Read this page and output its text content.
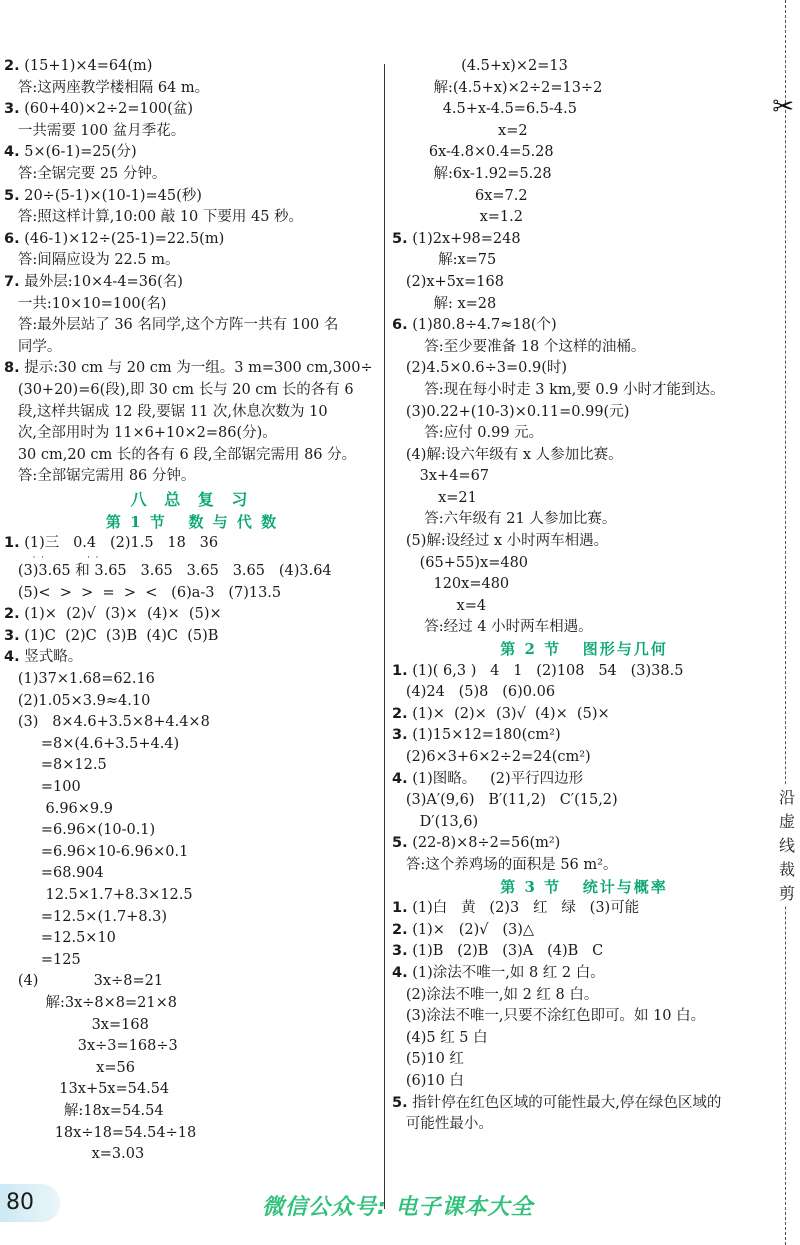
2. (15+1)×4=64(m)
答:这两座教学楼相隔 64 m。
3. (60+40)×2÷2=100(盆)
一共需要 100 盆月季花。
4. 5×(6-1)=25(分)
答:全锯完要 25 分钟。
5. 20÷(5-1)×(10-1)=45(秒)
答:照这样计算,10:00 敲 10 下要用 45 秒。
6. (46-1)×12÷(25-1)=22.5(m)
答:间隔应设为 22.5 m。
7. 最外层:10×4-4=36(名)
一共:10×10=100(名)
答:最外层站了 36 名同学,这个方阵一共有 100 名
同学。
8. 提示:30 cm 与 20 cm 为一组。3 m=300 cm,300÷
(30+20)=6(段),即 30 cm 长与 20 cm 长的各有 6
段,这样共锯成 12 段,要锯 11 次,休息次数为 10
次,全部用时为 11×6+10×2=86(分)。
30 cm,20 cm 长的各有 6 段,全部锯完需用 86 分。
答:全部锯完需用 86 分钟。
八 总 复 习
第 1 节   数 与 代 数
1. (1)三   0.4   (2)1.5   18   36
·  ·               ·  ·
(3)3.65 和 3.65   3.65   3.65   3.65   (4)3.64
(5)<  >  >  =  >  <   (6)a-3   (7)13.5
2. (1)×  (2)√  (3)×  (4)×  (5)×
3. (1)C  (2)C  (3)B  (4)C  (5)B
4. 竖式略。
(1)37×1.68=62.16
(2)1.05×3.9≈4.10
(3)   8×4.6+3.5×8+4.4×8
=8×(4.6+3.5+4.4)
=8×12.5
=100
6.96×9.9
=6.96×(10-0.1)
=6.96×10-6.96×0.1
=68.904
12.5×1.7+8.3×12.5
=12.5×(1.7+8.3)
=12.5×10
=125
(4)            3x÷8=21
解:3x÷8×8=21×8
3x=168
3x÷3=168÷3
x=56
13x+5x=54.54
解:18x=54.54
18x÷18=54.54÷18
x=3.03
(4.5+x)×2=13
解:(4.5+x)×2÷2=13÷2
4.5+x-4.5=6.5-4.5
x=2
6x-4.8×0.4=5.28
解:6x-1.92=5.28
6x=7.2
x=1.2
5. (1)2x+98=248
解:x=75
(2)x+5x=168
解: x=28
6. (1)80.8÷4.7≈18(个)
答:至少要准备 18 个这样的油桶。
(2)4.5×0.6÷3=0.9(时)
答:现在每小时走 3 km,要 0.9 小时才能到达。
(3)0.22+(10-3)×0.11=0.99(元)
答:应付 0.99 元。
(4)解:设六年级有 x 人参加比赛。
3x+4=67
x=21
答:六年级有 21 人参加比赛。
(5)解:设经过 x 小时两车相遇。
(65+55)x=480
120x=480
x=4
答:经过 4 小时两车相遇。
第 2 节   图形与几何
1. (1)( 6,3 )   4   1   (2)108   54   (3)38.5
(4)24   (5)8   (6)0.06
2. (1)×  (2)×  (3)√  (4)×  (5)×
3. (1)15×12=180(cm²)
(2)6×3+6×2÷2=24(cm²)
4. (1)图略。   (2)平行四边形
(3)A′(9,6)   B′(11,2)   C′(15,2)
D′(13,6)
5. (22-8)×8÷2=56(m²)
答:这个养鸡场的面积是 56 m²。
第 3 节   统计与概率
1. (1)白   黄   (2)3   红   绿   (3)可能
2. (1)×   (2)√   (3)△
3. (1)B   (2)B   (3)A   (4)B   C
4. (1)涂法不唯一,如 8 红 2 白。
(2)涂法不唯一,如 2 红 8 白。
(3)涂法不唯一,只要不涂红色即可。如 10 白。
(4)5 红 5 白
(5)10 红
(6)10 白
5. 指针停在红色区域的可能性最大,停在绿色区域的
可能性最小。
✂
沿虚线裁剪
80	微信公众号: 电子课本大全
